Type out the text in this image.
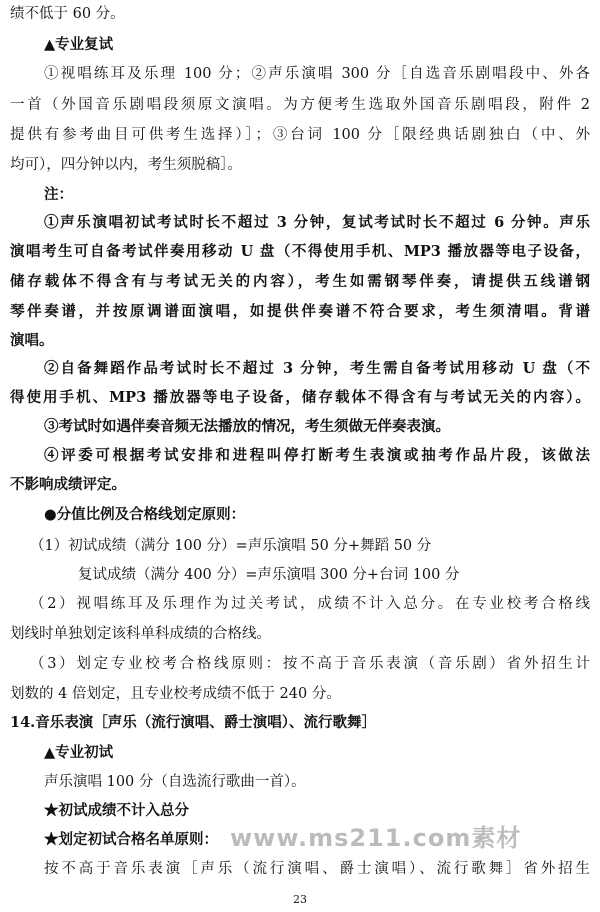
绩不低于 60 分。
▲专业复试
①视唱练耳及乐理 100 分；②声乐演唱 300 分［自选音乐剧唱段中、外各
一首（外国音乐剧唱段须原文演唱。为方便考生选取外国音乐剧唱段，附件 2
提供有参考曲目可供考生选择）］；③台词 100 分［限经典话剧独白（中、外
均可），四分钟以内，考生须脱稿］。
注：
①声乐演唱初试考试时长不超过 3 分钟，复试考试时长不超过 6 分钟。声乐
演唱考生可自备考试伴奏用移动 U 盘（不得使用手机、MP3 播放器等电子设备，
储存载体不得含有与考试无关的内容），考生如需钢琴伴奏，请提供五线谱钢
琴伴奏谱，并按原调谱面演唱，如提供伴奏谱不符合要求，考生须清唱。背谱
演唱。
②自备舞蹈作品考试时长不超过 3 分钟，考生需自备考试用移动 U 盘（不
得使用手机、MP3 播放器等电子设备，储存载体不得含有与考试无关的内容）。
③考试时如遇伴奏音频无法播放的情况，考生须做无伴奏表演。
④评委可根据考试安排和进程叫停打断考生表演或抽考作品片段，该做法
不影响成绩评定。
●分值比例及合格线划定原则：
（1）初试成绩（满分 100 分）=声乐演唱 50 分+舞蹈 50 分
复试成绩（满分 400 分）=声乐演唱 300 分+台词 100 分
（2）视唱练耳及乐理作为过关考试，成绩不计入总分。在专业校考合格线
划线时单独划定该科单科成绩的合格线。
（3）划定专业校考合格线原则：按不高于音乐表演（音乐剧）省外招生计
划数的 4 倍划定，且专业校考成绩不低于 240 分。
14.音乐表演［声乐（流行演唱、爵士演唱）、流行歌舞］
▲专业初试
声乐演唱 100 分（自选流行歌曲一首）。
★初试成绩不计入总分
★划定初试合格名单原则：
按不高于音乐表演［声乐（流行演唱、爵士演唱）、流行歌舞］省外招生
www.ms211.com素材
23
